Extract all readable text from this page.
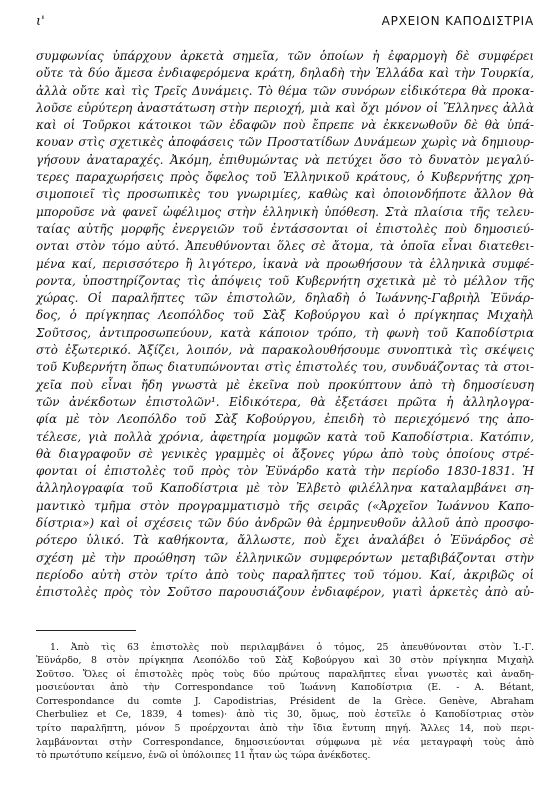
ι'	ΑΡΧΕΙΟΝ ΚΑΠΟΔΙΣΤΡΙΑ
συμφωνίας ὑπάρχουν ἀρκετὰ σημεῖα, τῶν ὁποίων ἡ ἐφαρμογὴ δὲ συμφέρει
οὔτε τὰ δύο ἄμεσα ἐνδιαφερόμενα κράτη, δηλαδὴ τὴν Ἑλλάδα καὶ τὴν Τουρκία,
ἀλλὰ οὔτε καὶ τὶς Τρεῖς Δυνάμεις. Τὸ θέμα τῶν συνόρων εἰδικότερα θὰ προκα-
λοῦσε εὐρύτερη ἀναστάτωση στὴν περιοχή, μιὰ καὶ ὄχι μόνον οἱ Ἕλληνες ἀλλὰ
καὶ οἱ Τοῦρκοι κάτοικοι τῶν ἐδαφῶν ποὺ ἔπρεπε νὰ ἐκκενωθοῦν δὲ θὰ ὑπά-
κουαν στὶς σχετικὲς ἀποφάσεις τῶν Προστατίδων Δυνάμεων χωρὶς νὰ δημιουρ-
γήσουν ἀναταραχές. Ἀκόμη, ἐπιθυμώντας νὰ πετύχει ὅσο τὸ δυνατὸν μεγαλύ-
τερες παραχωρήσεις πρὸς ὄφελος τοῦ Ἑλληνικοῦ κράτους, ὁ Κυβερνήτης χρη-
σιμοποιεῖ τὶς προσωπικὲς του γνωριμίες, καθὼς καὶ ὁποιονδήποτε ἄλλον θὰ
μποροῦσε νὰ φανεῖ ὠφέλιμος στὴν ἑλληνικὴ ὑπόθεση. Στὰ πλαίσια τῆς τελευ-
ταίας αὐτῆς μορφῆς ἐνεργειῶν τοῦ ἐντάσσονται οἱ ἐπιστολὲς ποὺ δημοσιεύ-
ονται στὸν τόμο αὐτό. Ἀπευθύνονται ὅλες σὲ ἄτομα, τὰ ὁποῖα εἶναι διατεθει-
μένα καί, περισσότερο ἢ λιγότερο, ἱκανὰ νὰ προωθήσουν τὰ ἑλληνικὰ συμφέ-
ροντα, ὑποστηρίζοντας τὶς ἀπόψεις τοῦ Κυβερνήτη σχετικὰ μὲ τὸ μέλλον τῆς
χώρας. Οἱ παραλῆπτες τῶν ἐπιστολῶν, δηλαδὴ ὁ Ἰωάννης-Γαβριὴλ Ἐϋνάρ-
δος, ὁ πρίγκηπας Λεοπόλδος τοῦ Σὰξ Κοβούργου καὶ ὁ πρίγκηπας Μιχαὴλ
Σοῦτσος, ἀντιπροσωπεύουν, κατὰ κάποιον τρόπο, τὴ φωνὴ τοῦ Καποδίστρια
στὸ ἐξωτερικό. Ἀξίζει, λοιπόν, νὰ παρακολουθήσουμε συνοπτικὰ τὶς σκέψεις
τοῦ Κυβερνήτη ὅπως διατυπώνονται στὶς ἐπιστολές του, συνδυάζοντας τὰ στοι-
χεῖα ποὺ εἶναι ἤδη γνωστὰ μὲ ἐκεῖνα ποὺ προκύπτουν ἀπὸ τὴ δημοσίευση
τῶν ἀνέκδοτων ἐπιστολῶν¹. Εἰδικότερα, θὰ ἐξετάσει πρῶτα ἡ ἀλληλογρα-
φία μὲ τὸν Λεοπόλδο τοῦ Σὰξ Κοβούργου, ἐπειδὴ τὸ περιεχόμενό της ἀπο-
τέλεσε, γιὰ πολλὰ χρόνια, ἀφετηρία μομφῶν κατὰ τοῦ Καποδίστρια. Κατόπιν,
θὰ διαγραφοῦν σὲ γενικὲς γραμμὲς οἱ ἄξονες γύρω ἀπὸ τοὺς ὁποίους στρέ-
φονται οἱ ἐπιστολὲς τοῦ πρὸς τὸν Ἐϋνάρδο κατὰ τὴν περίοδο 1830-1831. Ἡ
ἀλληλογραφία τοῦ Καποδίστρια μὲ τὸν Ἐλβετὸ φιλέλληνα καταλαμβάνει ση-
μαντικὸ τμῆμα στὸν προγραμματισμὸ τῆς σειρᾶς («Ἀρχεῖον Ἰωάννου Καπο-
δίστρια») καὶ οἱ σχέσεις τῶν δύο ἀνδρῶν θὰ ἑρμηνευθοῦν ἀλλοῦ ἀπὸ προσφο-
ρότερο ὑλικό. Τὰ καθήκοντα, ἄλλωστε, ποὺ ἔχει ἀναλάβει ὁ Ἐϋνάρδος σὲ
σχέση μὲ τὴν προώθηση τῶν ἑλληνικῶν συμφερόντων μεταβιβάζονται στὴν
περίοδο αὐτὴ στὸν τρίτο ἀπὸ τοὺς παραλῆπτες τοῦ τόμου. Καί, ἀκριβῶς οἱ
ἐπιστολὲς πρὸς τὸν Σοῦτσο παρουσιάζουν ἐνδιαφέρον, γιατὶ ἀρκετὲς ἀπὸ αὐ-
1. Ἀπὸ τὶς 63 ἐπιστολὲς ποὺ περιλαμβάνει ὁ τόμος, 25 ἀπευθύνονται στὸν Ἰ.-Γ.
Ἐϋνάρδο, 8 στὸν πρίγκηπα Λεοπόλδο τοῦ Σὰξ Κοβούργου καὶ 30 στὸν πρίγκηπα Μιχαὴλ
Σοῦτσο. Ὅλες οἱ ἐπιστολὲς πρὸς τοὺς δύο πρώτους παραλῆπτες εἶναι γνωστὲς καὶ ἀναδη-
μοσιεύονται ἀπὸ τὴν Correspondance τοῦ Ἰωάννη Καποδίστρια (E. - A. Bétant,
Correspondance du comte J. Capodistrias, Président de la Grèce. Genève, Abraham
Cherbuliez et Ce, 1839, 4 tomes)· ἀπὸ τὶς 30, ὅμως, ποὺ ἐστεῖλε ὁ Καποδίστριας στὸν
τρίτο παραλῆπτη, μόνον 5 προέρχονται ἀπὸ τὴν ἴδια ἔντυπη πηγή. Ἄλλες 14, ποὺ περι-
λαμβάνονται στὴν Correspondance, δημοσιεύονται σύμφωνα μὲ νέα μεταγραφὴ τοὺς ἀπὸ
τὸ πρωτότυπο κείμενο, ἐνῶ οἱ ὑπόλοιπες 11 ἦταν ὡς τώρα ἀνέκδοτες.
